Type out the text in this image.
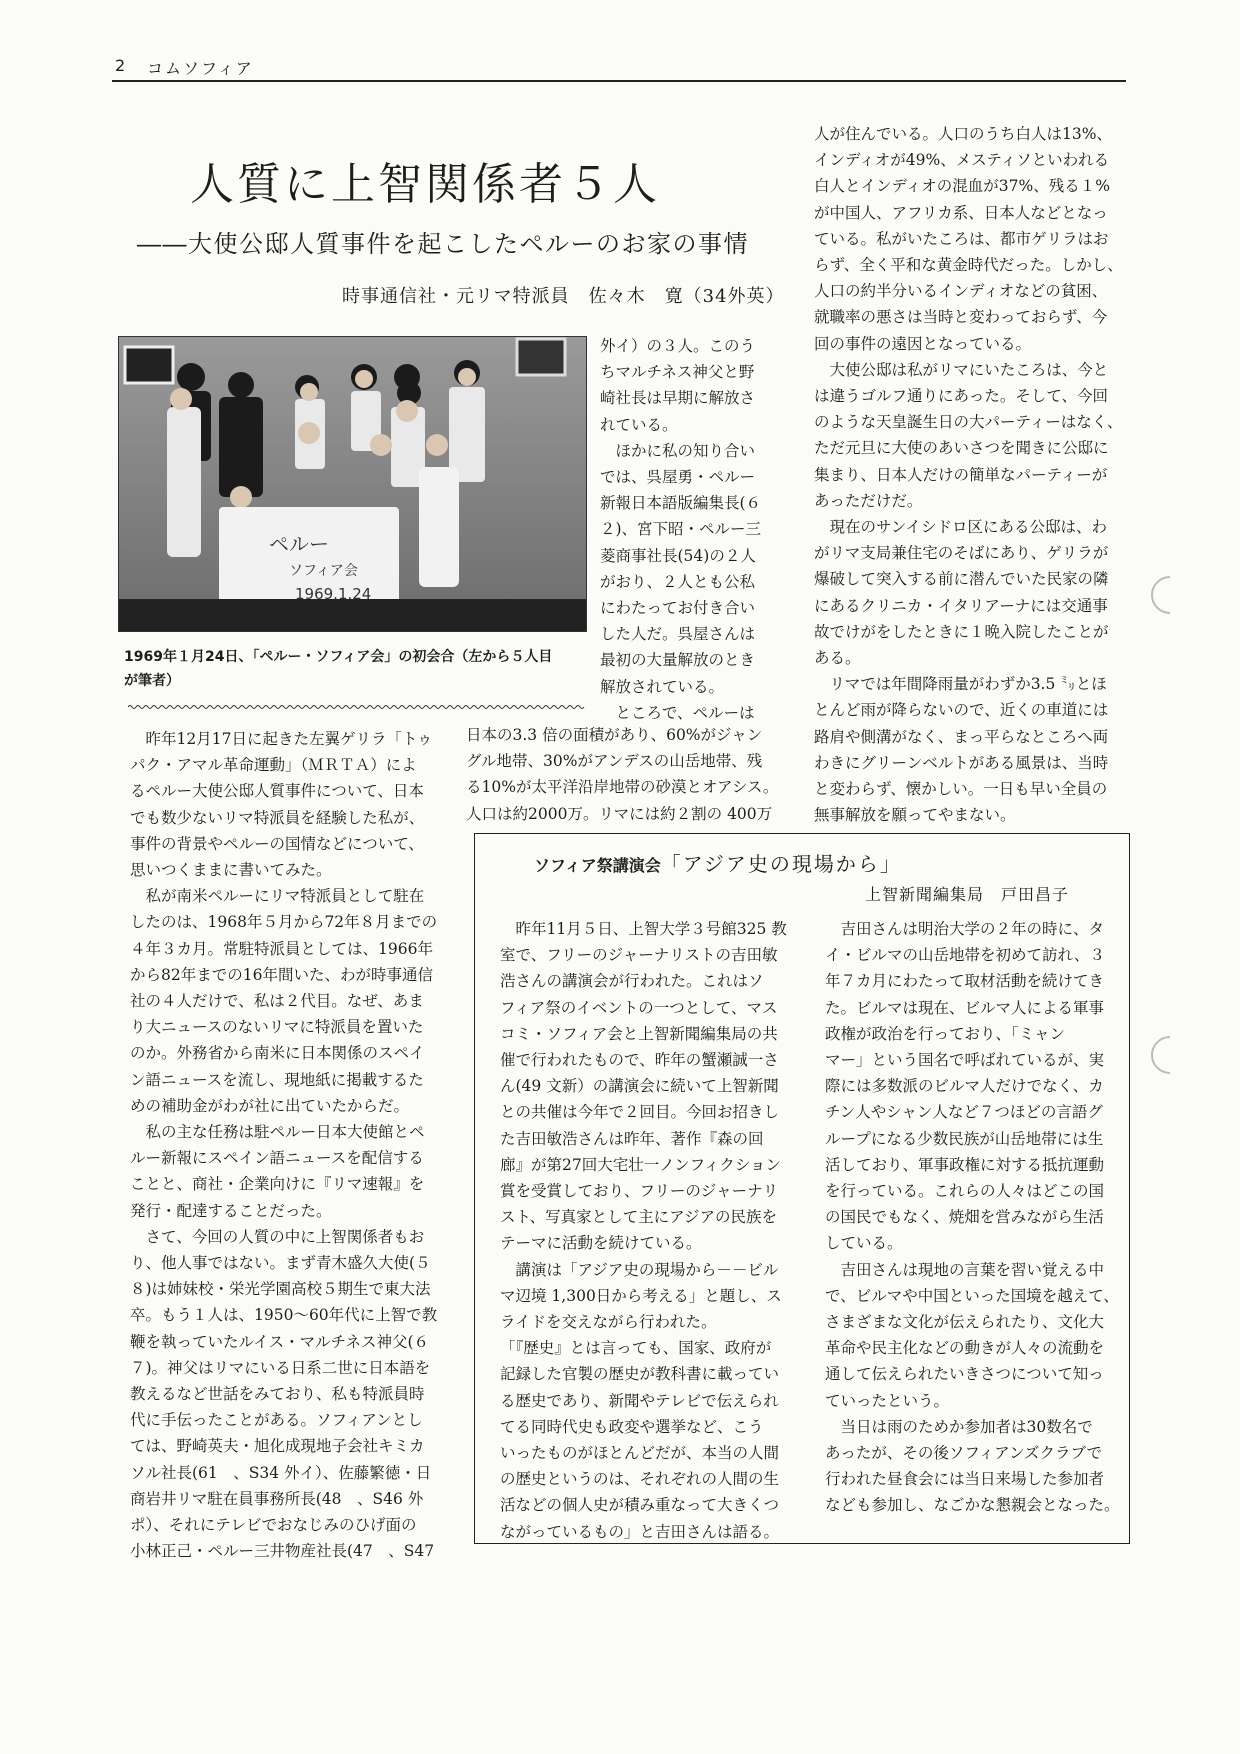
2 コムソフィア
人質に上智関係者５人
――大使公邸人質事件を起こしたペルーのお家の事情
時事通信社・元リマ特派員　佐々木　寛（34外英）
ペルー
ソフィア会
1969.1.24
1969年１月24日、「ペルー・ソフィア会」の初会合（左から５人目
が筆者）

　昨年12月17日に起きた左翼ゲリラ「トゥ

パク・アマル革命運動」（ＭＲＴＡ）によ

るペルー大使公邸人質事件について、日本

でも数少ないリマ特派員を経験した私が、

事件の背景やペルーの国情などについて、

思いつくままに書いてみた。

　私が南米ペルーにリマ特派員として駐在

したのは、1968年５月から72年８月までの

４年３カ月。常駐特派員としては、1966年

から82年までの16年間いた、わが時事通信

社の４人だけで、私は２代目。なぜ、あま

り大ニュースのないリマに特派員を置いた

のか。外務省から南米に日本関係のスペイ

ン語ニュースを流し、現地紙に掲載するた

めの補助金がわが社に出ていたからだ。

　私の主な任務は駐ペルー日本大使館とペ

ルー新報にスペイン語ニュースを配信する

ことと、商社・企業向けに『リマ速報』を

発行・配達することだった。

　さて、今回の人質の中に上智関係者もお

り、他人事ではない。まず青木盛久大使(５

８)は姉妹校・栄光学園高校５期生で東大法

卒。もう１人は、1950～60年代に上智で教

鞭を執っていたルイス・マルチネス神父(６

７)。神父はリマにいる日系二世に日本語を

教えるなど世話をみており、私も特派員時

代に手伝ったことがある。ソフィアンとし

ては、野崎英夫・旭化成現地子会社キミカ

ソル社長(61　、S34 外イ）、佐藤繁徳・日

商岩井リマ駐在員事務所長(48　、S46 外

ポ）、それにテレビでおなじみのひげ面の

小林正己・ペルー三井物産社長(47　、S47

外イ）の３人。このう

ちマルチネス神父と野

崎社長は早期に解放さ

れている。

　ほかに私の知り合い

では、呉屋勇・ペルー

新報日本語版編集長(６

２)、宮下昭・ペルー三

菱商事社長(54)の２人

がおり、２人とも公私

にわたってお付き合い

した人だ。呉屋さんは

最初の大量解放のとき

解放されている。

　ところで、ペルーは

日本の3.3 倍の面積があり、60%がジャン

グル地帯、30%がアンデスの山岳地帯、残

る10%が太平洋沿岸地帯の砂漠とオアシス。

人口は約2000万。リマには約２割の 400万

人が住んでいる。人口のうち白人は13%、

インディオが49%、メスティソといわれる

白人とインディオの混血が37%、残る１%

が中国人、アフリカ系、日本人などとなっ

ている。私がいたころは、都市ゲリラはお

らず、全く平和な黄金時代だった。しかし、

人口の約半分いるインディオなどの貧困、

就職率の悪さは当時と変わっておらず、今

回の事件の遠因となっている。

　大使公邸は私がリマにいたころは、今と

は違うゴルフ通りにあった。そして、今回

のような天皇誕生日の大パーティーはなく、

ただ元旦に大使のあいさつを聞きに公邸に

集まり、日本人だけの簡単なパーティーが

あっただけだ。

　現在のサンイシドロ区にある公邸は、わ

がリマ支局兼住宅のそばにあり、ゲリラが

爆破して突入する前に潜んでいた民家の隣

にあるクリニカ・イタリアーナには交通事

故でけがをしたときに１晩入院したことが

ある。

　リマでは年間降雨量がわずか3.5 ㍉とほ

とんど雨が降らないので、近くの車道には

路肩や側溝がなく、まっ平らなところへ両

わきにグリーンベルトがある風景は、当時

と変わらず、懐かしい。一日も早い全員の

無事解放を願ってやまない。

ソフィア祭講演会「アジア史の現場から」
上智新聞編集局　戸田昌子

　昨年11月５日、上智大学３号館325 教

室で、フリーのジャーナリストの吉田敏

浩さんの講演会が行われた。これはソ

フィア祭のイベントの一つとして、マス

コミ・ソフィア会と上智新聞編集局の共

催で行われたもので、昨年の蟹瀬誠一さ

ん(49 文新）の講演会に続いて上智新聞

との共催は今年で２回目。今回お招きし

た吉田敏浩さんは昨年、著作『森の回

廊』が第27回大宅壮一ノンフィクション

賞を受賞しており、フリーのジャーナリ

スト、写真家として主にアジアの民族を

テーマに活動を続けている。

　講演は「アジア史の現場から－－ビル

マ辺境 1,300日から考える」と題し、ス

ライドを交えながら行われた。

「『歴史』とは言っても、国家、政府が

記録した官製の歴史が教科書に載ってい

る歴史であり、新聞やテレビで伝えられ

てる同時代史も政変や選挙など、こう

いったものがほとんどだが、本当の人間

の歴史というのは、それぞれの人間の生

活などの個人史が積み重なって大きくつ

ながっているもの」と吉田さんは語る。

　吉田さんは明治大学の２年の時に、タ

イ・ビルマの山岳地帯を初めて訪れ、３

年７カ月にわたって取材活動を続けてき

た。ビルマは現在、ビルマ人による軍事

政権が政治を行っており、「ミャン

マー」という国名で呼ばれているが、実

際には多数派のビルマ人だけでなく、カ

チン人やシャン人など７つほどの言語グ

ループになる少数民族が山岳地帯には生

活しており、軍事政権に対する抵抗運動

を行っている。これらの人々はどこの国

の国民でもなく、焼畑を営みながら生活

している。

　吉田さんは現地の言葉を習い覚える中

で、ビルマや中国といった国境を越えて、

さまざまな文化が伝えられたり、文化大

革命や民主化などの動きが人々の流動を

通して伝えられたいきさつについて知っ

ていったという。

　当日は雨のためか参加者は30数名で

あったが、その後ソフィアンズクラブで

行われた昼食会には当日来場した参加者

なども参加し、なごかな懇親会となった。
